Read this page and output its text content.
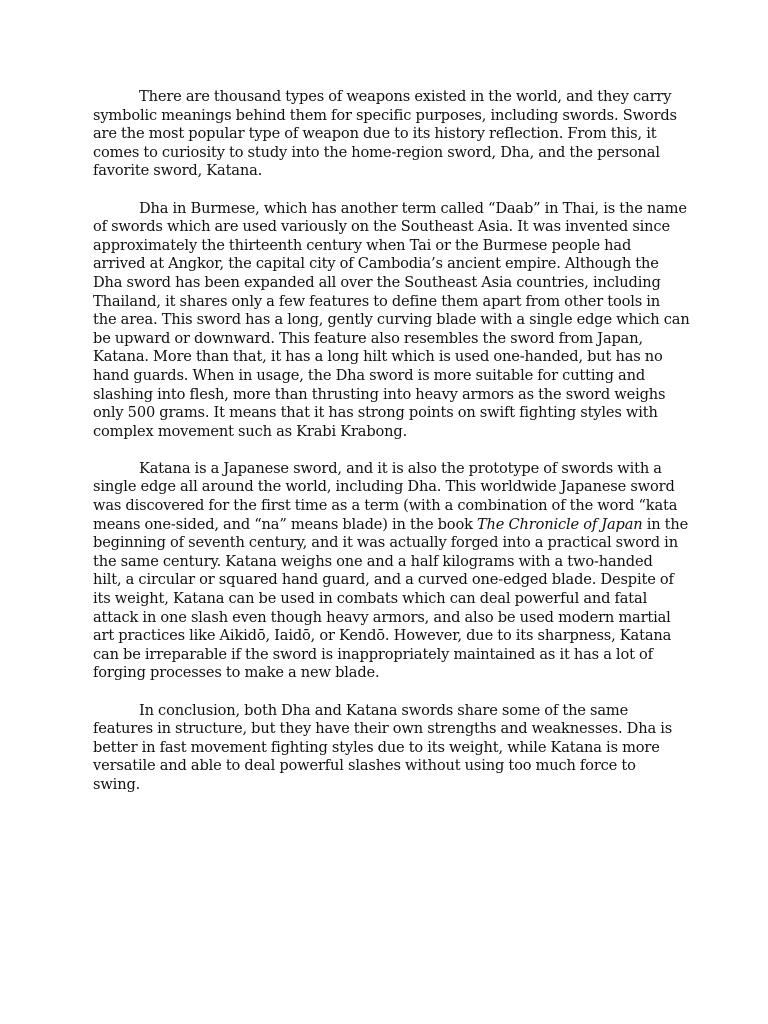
There are thousand types of weapons existed in the world, and they carry
symbolic meanings behind them for specific purposes, including swords. Swords
are the most popular type of weapon due to its history reflection. From this, it
comes to curiosity to study into the home-region sword, Dha, and the personal
favorite sword, Katana.
Dha in Burmese, which has another term called “Daab” in Thai, is the name
of swords which are used variously on the Southeast Asia. It was invented since
approximately the thirteenth century when Tai or the Burmese people had
arrived at Angkor, the capital city of Cambodia’s ancient empire. Although the
Dha sword has been expanded all over the Southeast Asia countries, including
Thailand, it shares only a few features to define them apart from other tools in
the area. This sword has a long, gently curving blade with a single edge which can
be upward or downward. This feature also resembles the sword from Japan,
Katana. More than that, it has a long hilt which is used one-handed, but has no
hand guards. When in usage, the Dha sword is more suitable for cutting and
slashing into flesh, more than thrusting into heavy armors as the sword weighs
only 500 grams. It means that it has strong points on swift fighting styles with
complex movement such as Krabi Krabong.
Katana is a Japanese sword, and it is also the prototype of swords with a
single edge all around the world, including Dha. This worldwide Japanese sword
was discovered for the first time as a term (with a combination of the word “kata
means one-sided, and “na” means blade) in the book The Chronicle of Japan in the
beginning of seventh century, and it was actually forged into a practical sword in
the same century. Katana weighs one and a half kilograms with a two-handed
hilt, a circular or squared hand guard, and a curved one-edged blade. Despite of
its weight, Katana can be used in combats which can deal powerful and fatal
attack in one slash even though heavy armors, and also be used modern martial
art practices like Aikidō, Iaidō, or Kendō. However, due to its sharpness, Katana
can be irreparable if the sword is inappropriately maintained as it has a lot of
forging processes to make a new blade.
In conclusion, both Dha and Katana swords share some of the same
features in structure, but they have their own strengths and weaknesses. Dha is
better in fast movement fighting styles due to its weight, while Katana is more
versatile and able to deal powerful slashes without using too much force to
swing.
